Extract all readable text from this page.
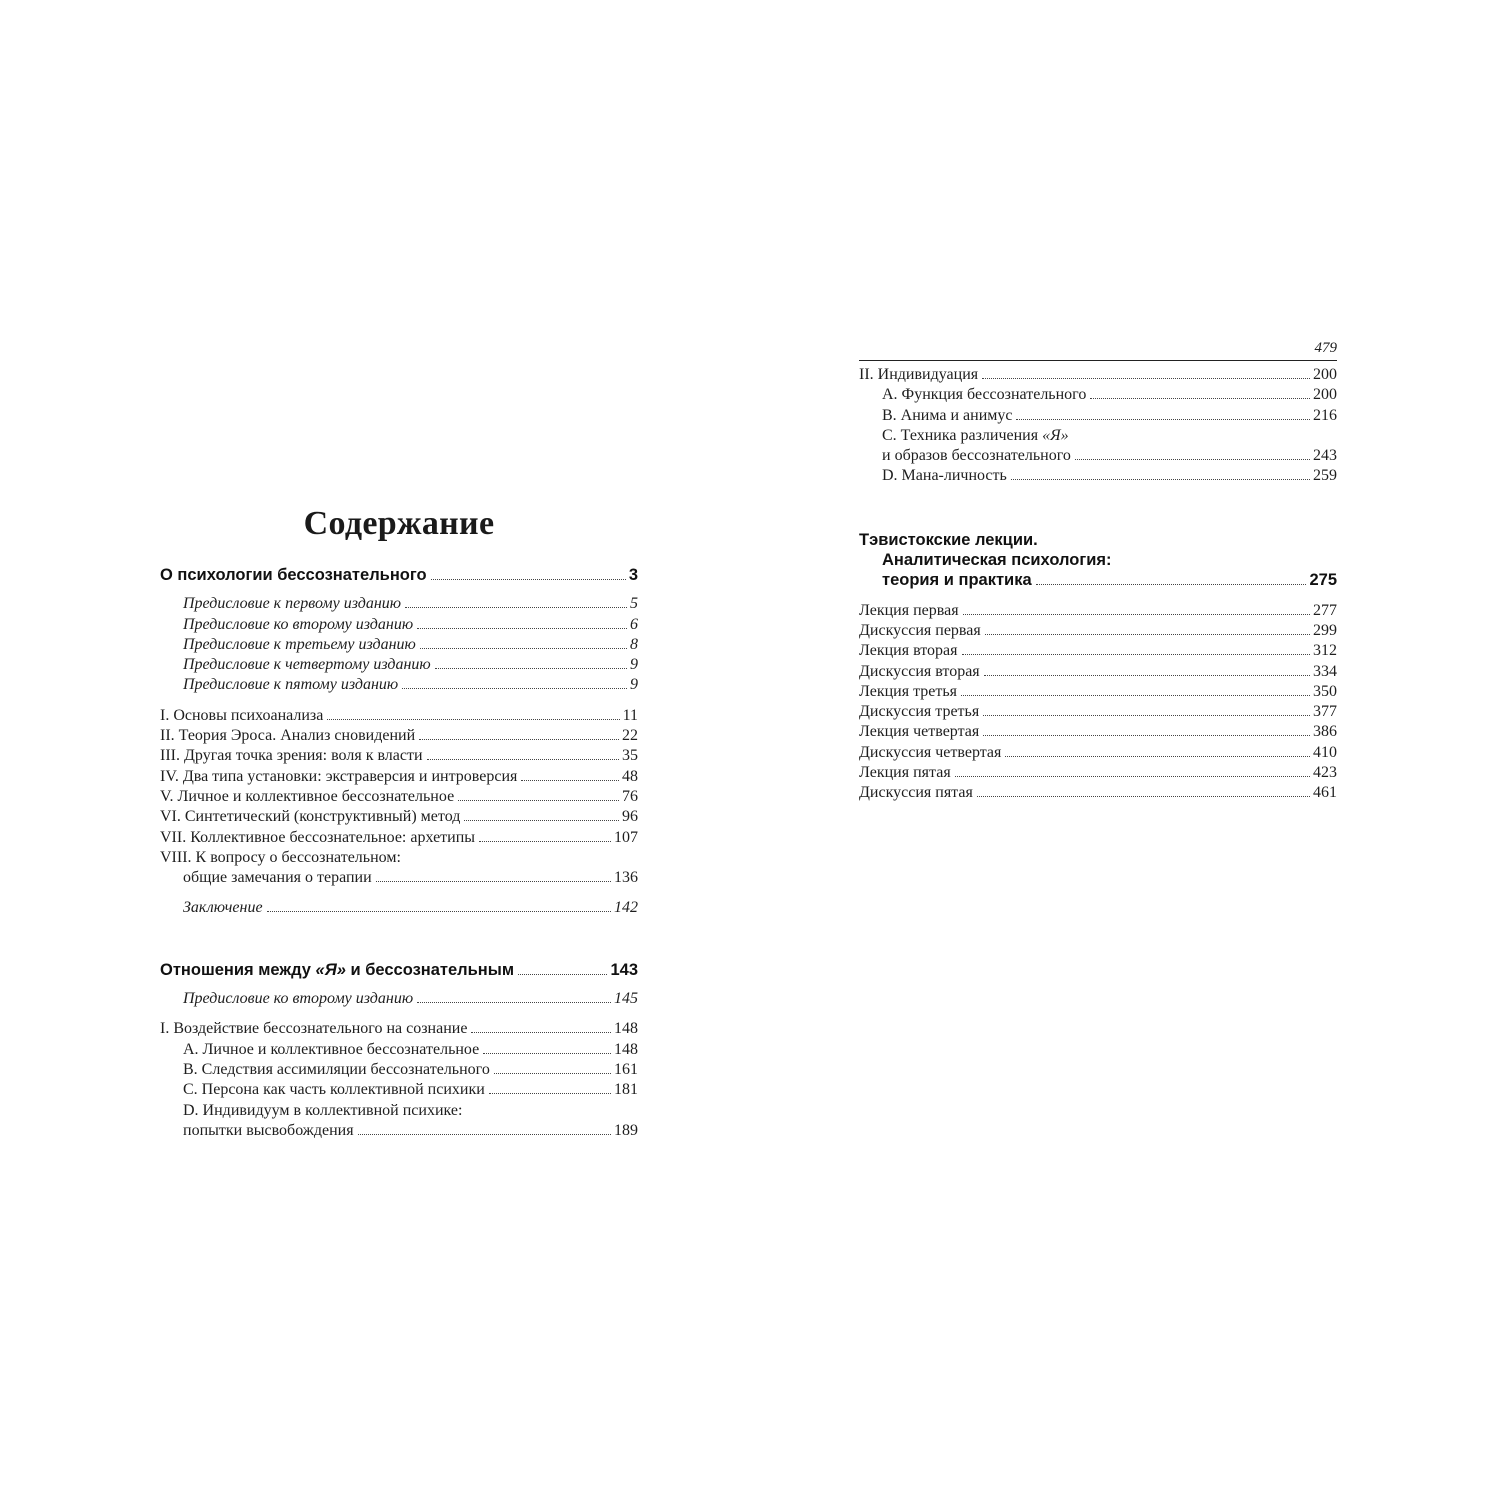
Содержание
О психологии бессознательного	3
Предисловие к первому изданию	5
Предисловие ко второму изданию	6
Предисловие к третьему изданию	8
Предисловие к четвертому изданию	9
Предисловие к пятому изданию	9
I. Основы психоанализа	11
II. Теория Эроса. Анализ сновидений	22
III. Другая точка зрения: воля к власти	35
IV. Два типа установки: экстраверсия и интроверсия	48
V. Личное и коллективное бессознательное	76
VI. Синтетический (конструктивный) метод	96
VII. Коллективное бессознательное: архетипы	107
VIII. К вопросу о бессознательном:
общие замечания о терапии	136
Заключение	142
Отношения между «Я» и бессознательным	143
Предисловие ко второму изданию	145
I. Воздействие бессознательного на сознание	148
A. Личное и коллективное бессознательное	148
B. Следствия ассимиляции бессознательного	161
C. Персона как часть коллективной психики	181
D. Индивидуум в коллективной психике:
попытки высвобождения	189
479
II. Индивидуация	200
A. Функция бессознательного	200
B. Анима и анимус	216
C. Техника различения «Я»
и образов бессознательного	243
D. Мана-личность	259
Тэвистокские лекции.
Аналитическая психология:
теория и практика	275
Лекция первая	277
Дискуссия первая	299
Лекция вторая	312
Дискуссия вторая	334
Лекция третья	350
Дискуссия третья	377
Лекция четвертая	386
Дискуссия четвертая	410
Лекция пятая	423
Дискуссия пятая	461
